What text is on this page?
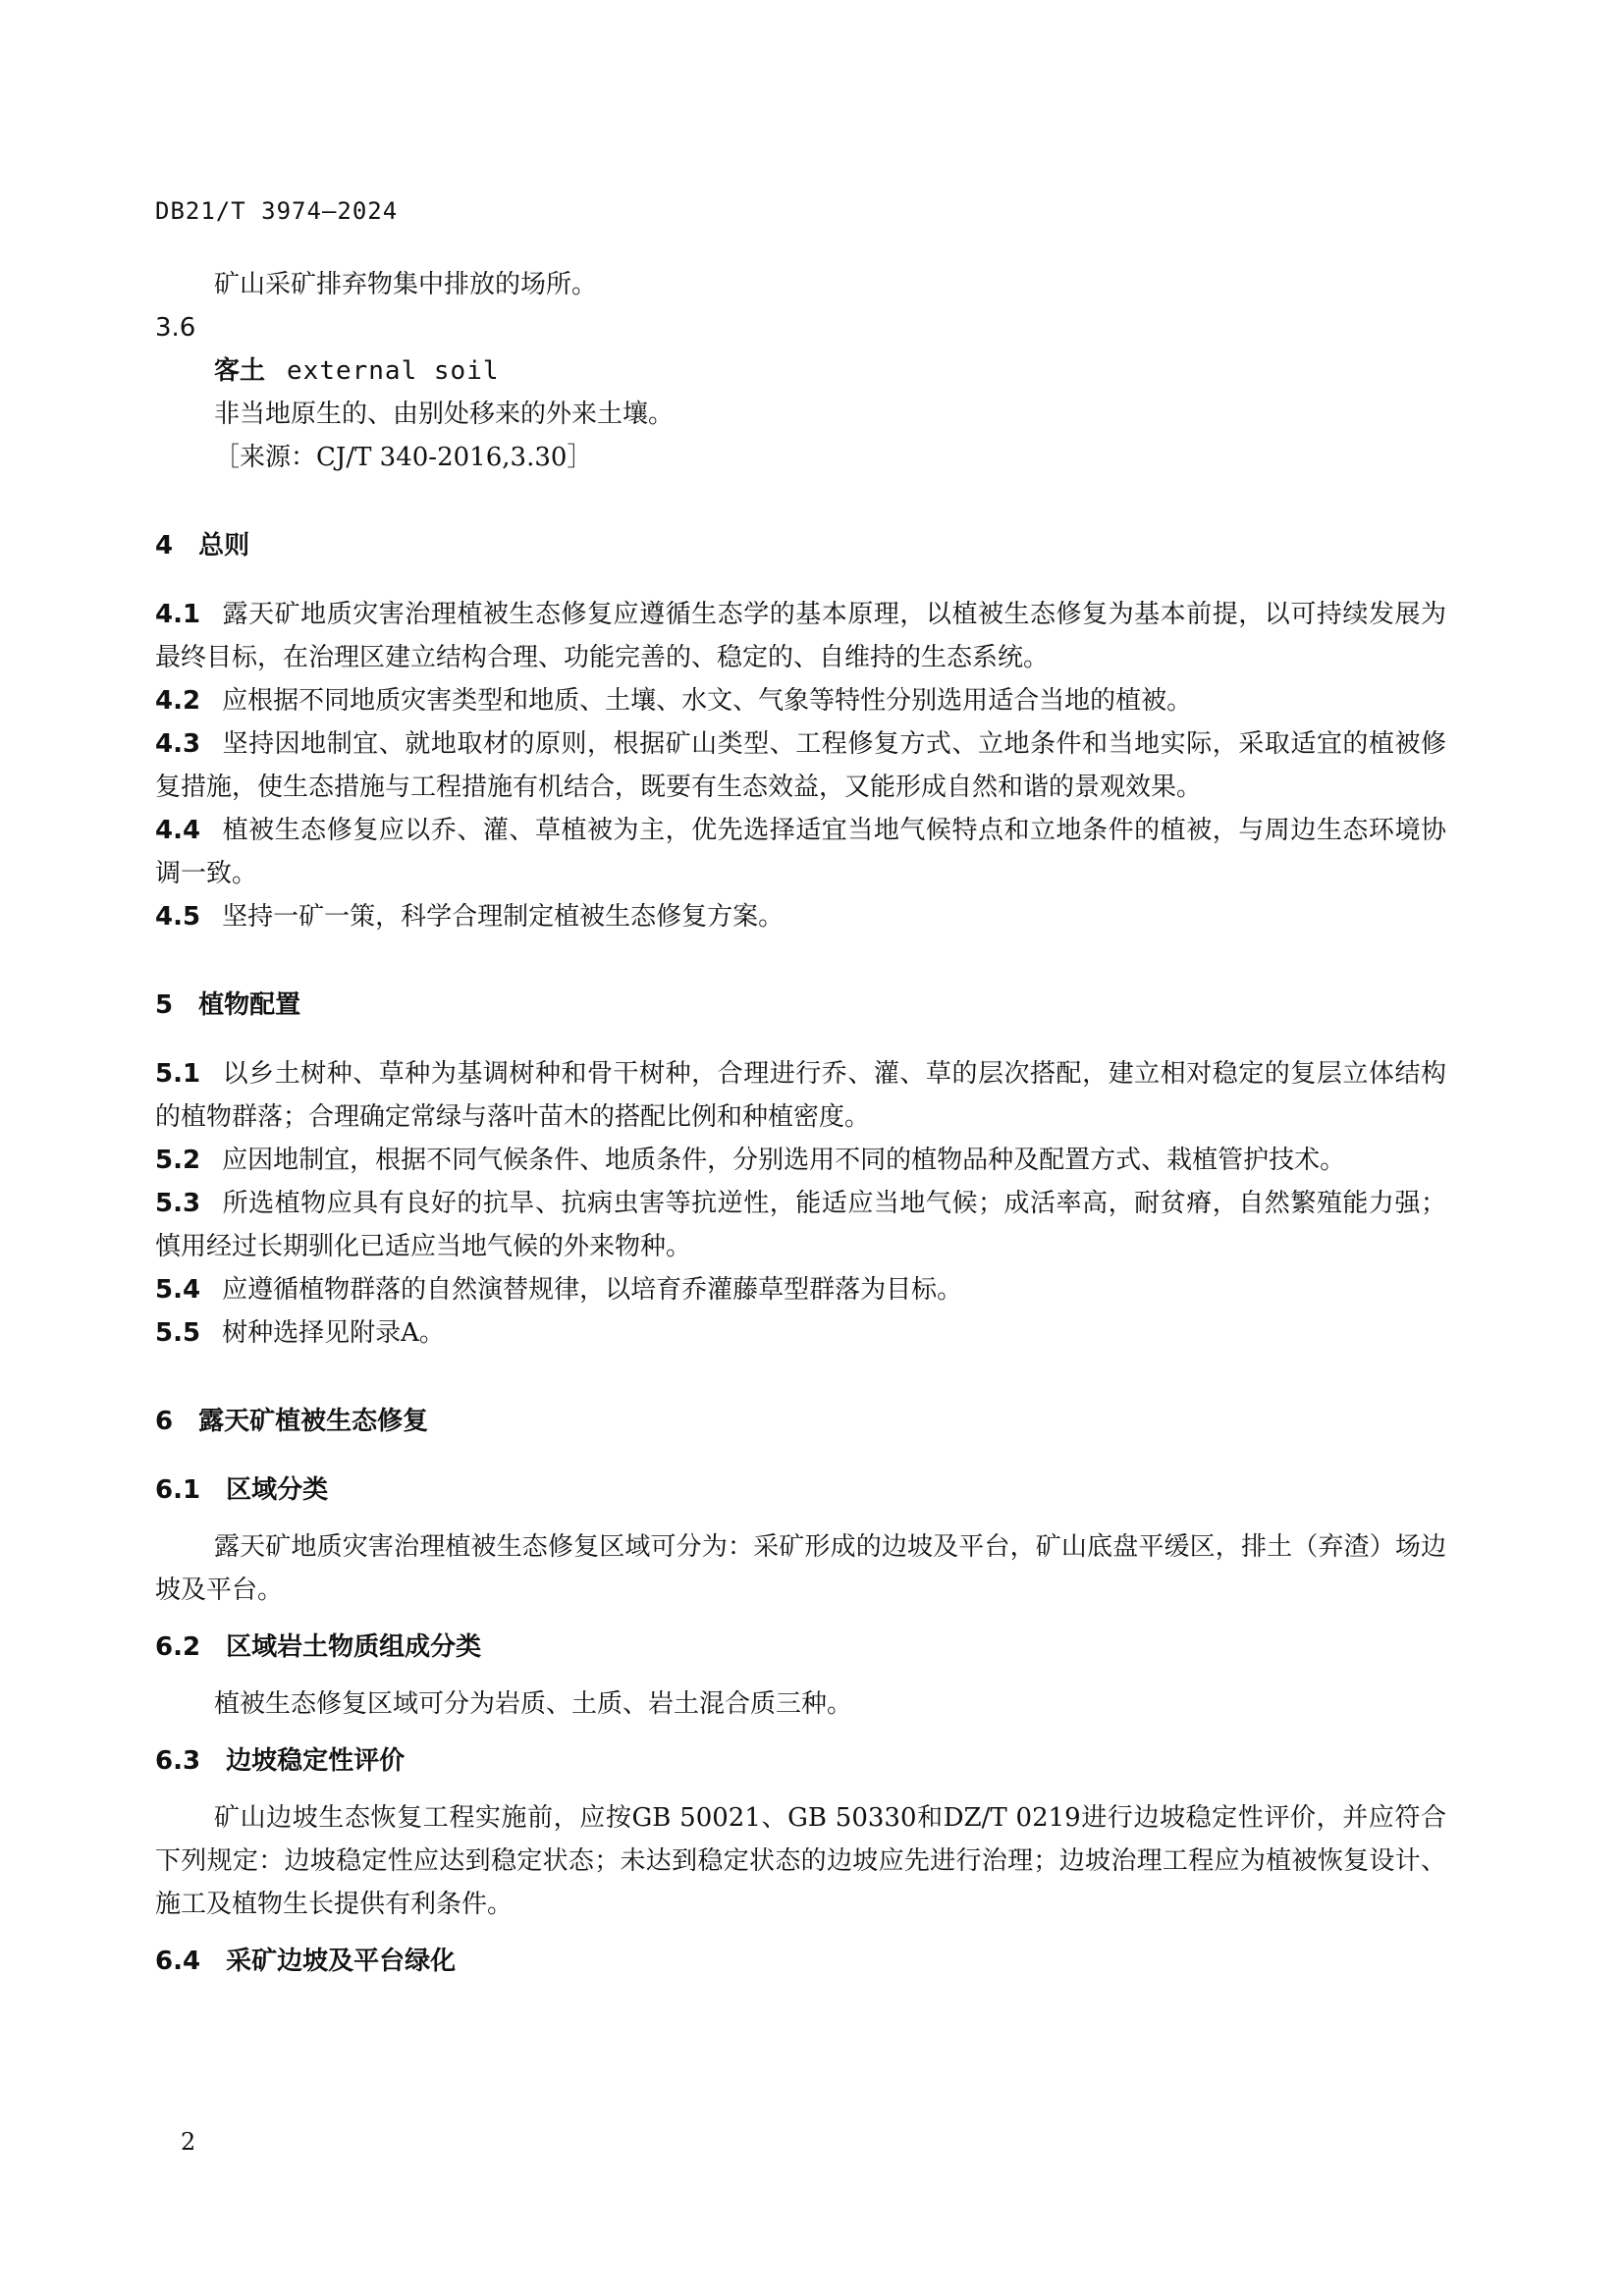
DB21/T 3974—2024

矿山采矿排弃物集中排放的场所。

3.6

客土 external soil

非当地原生的、由别处移来的外来土壤。

［来源：CJ/T 340-2016,3.30］

4 总则

4.1 露天矿地质灾害治理植被生态修复应遵循生态学的基本原理，以植被生态修复为基本前提，以可持续发展为最终目标，在治理区建立结构合理、功能完善的、稳定的、自维持的生态系统。

4.2 应根据不同地质灾害类型和地质、土壤、水文、气象等特性分别选用适合当地的植被。

4.3 坚持因地制宜、就地取材的原则，根据矿山类型、工程修复方式、立地条件和当地实际，采取适宜的植被修复措施，使生态措施与工程措施有机结合，既要有生态效益，又能形成自然和谐的景观效果。

4.4 植被生态修复应以乔、灌、草植被为主，优先选择适宜当地气候特点和立地条件的植被，与周边生态环境协调一致。

4.5 坚持一矿一策，科学合理制定植被生态修复方案。

5 植物配置

5.1 以乡土树种、草种为基调树种和骨干树种，合理进行乔、灌、草的层次搭配，建立相对稳定的复层立体结构的植物群落；合理确定常绿与落叶苗木的搭配比例和种植密度。

5.2 应因地制宜，根据不同气候条件、地质条件，分别选用不同的植物品种及配置方式、栽植管护技术。

5.3 所选植物应具有良好的抗旱、抗病虫害等抗逆性，能适应当地气候；成活率高，耐贫瘠，自然繁殖能力强；慎用经过长期驯化已适应当地气候的外来物种。

5.4 应遵循植物群落的自然演替规律，以培育乔灌藤草型群落为目标。

5.5 树种选择见附录A。

6 露天矿植被生态修复
6.1 区域分类

露天矿地质灾害治理植被生态修复区域可分为：采矿形成的边坡及平台，矿山底盘平缓区，排土（弃渣）场边坡及平台。

6.2 区域岩土物质组成分类

植被生态修复区域可分为岩质、土质、岩土混合质三种。

6.3 边坡稳定性评价

矿山边坡生态恢复工程实施前，应按GB 50021、GB 50330和DZ/T 0219进行边坡稳定性评价，并应符合下列规定：边坡稳定性应达到稳定状态；未达到稳定状态的边坡应先进行治理；边坡治理工程应为植被恢复设计、施工及植物生长提供有利条件。

6.4 采矿边坡及平台绿化
2
